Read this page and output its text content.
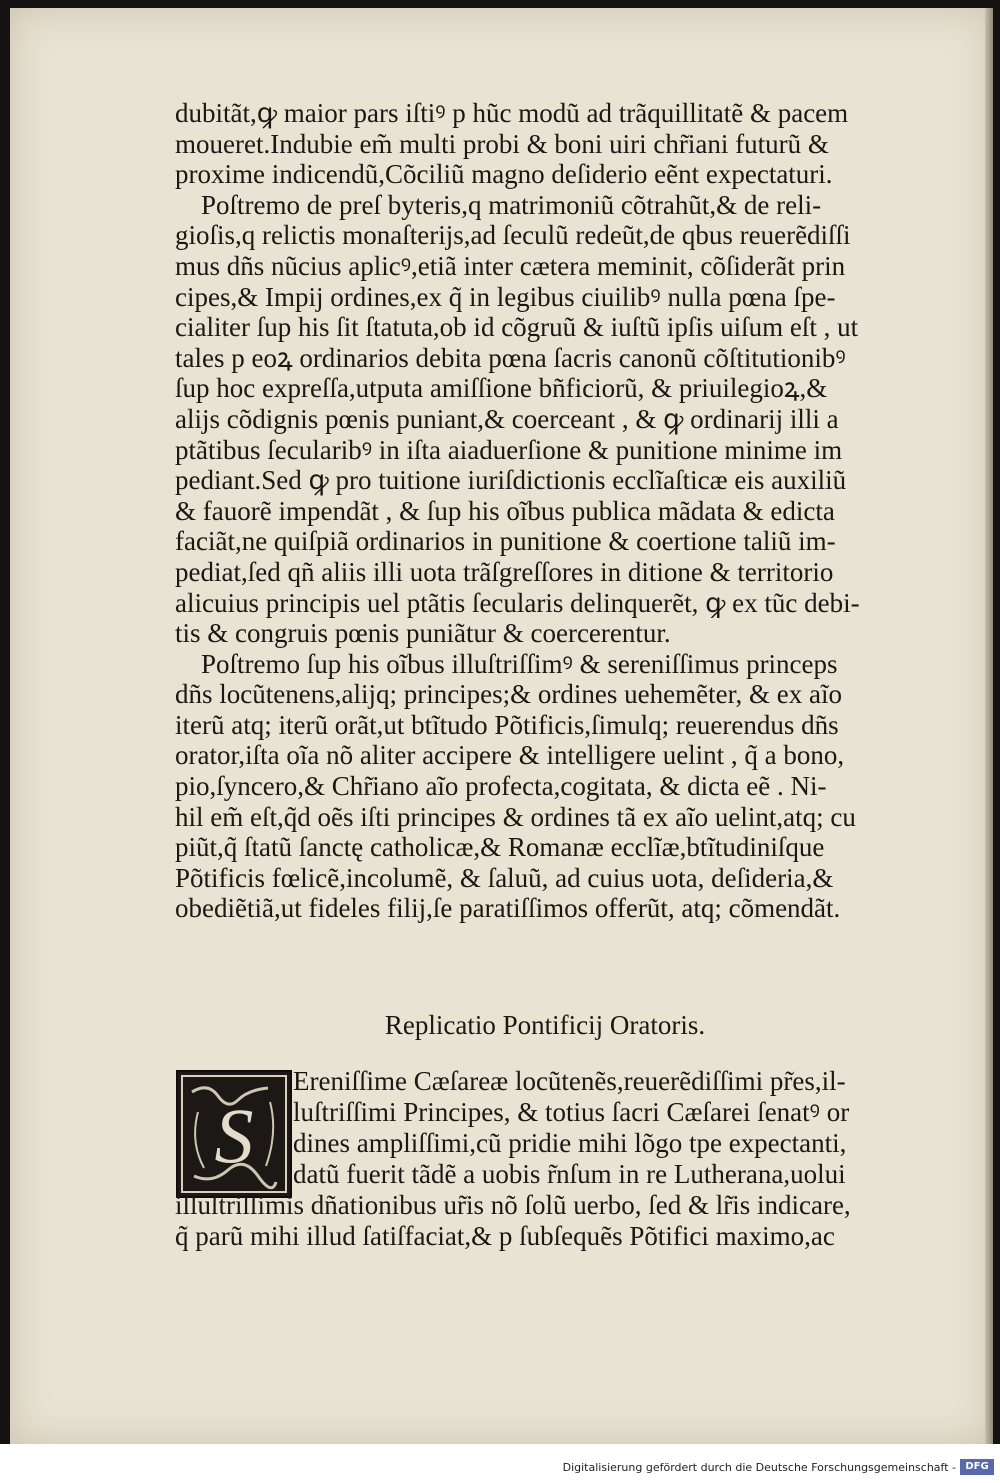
dubitãt,ꝙ maior pars iſtiꝰ p hũc modũ ad trãquillitatẽ & pacem
moueret.Indubie em̃ multi probi & boni uiri chr̃iani futurũ &
proxime indicendũ,Cõciliũ magno deſiderio eẽnt expectaturi.
Poſtremo de preſ byteris,q matrimoniũ cõtrahũt,& de reli-
gioſis,q relictis monaſterijs,ad ſeculũ redeũt,de qbus reuerẽdiſſi
mus dñs nũcius aplicꝰ,etiã inter cætera meminit, cõſiderãt prin
cipes,& Impij ordines,ex q̃ in legibus ciuilibꝰ nulla pœna ſpe-
cialiter ſup his ſit ſtatuta,ob id cõgruũ & iuſtũ ipſis uiſum eſt , ut
tales p eoꝝ ordinarios debita pœna ſacris canonũ cõſtitutionibꝰ
ſup hoc expreſſa,utputa amiſſione bñficiorũ, & priuilegioꝝ,&
alijs cõdignis pœnis puniant,& coerceant , & ꝙ ordinarij illi a
ptãtibus ſecularibꝰ in iſta aiaduerſione & punitione minime im
pediant.Sed ꝙ pro tuitione iuriſdictionis ecclĩaſticæ eis auxiliũ
& fauorẽ impendãt , & ſup his oĩbus publica mãdata & edicta
faciãt,ne quiſpiã ordinarios in punitione & coertione taliũ im-
pediat,ſed qñ aliis illi uota trãſgreſſores in ditione & territorio
alicuius principis uel ptãtis ſecularis delinquerẽt, ꝙ ex tũc debi-
tis & congruis pœnis puniãtur & coercerentur.
Poſtremo ſup his oĩbus illuſtriſſimꝰ & sereniſſimus princeps
dñs locũtenens,alijq; principes;& ordines uehemẽter, & ex aĩo
iterũ atq; iterũ orãt,ut btĩtudo Põtificis,ſimulq; reuerendus dñs
orator,iſta oĩa nõ aliter accipere & intelligere uelint , q̃ a bono,
pio,ſyncero,& Chr̃iano aĩo profecta,cogitata, & dicta eẽ . Ni-
hil em̃ eſt,q̃d oẽs iſti principes & ordines tã ex aĩo uelint,atq; cu
piũt,q̃ ſtatũ ſanctę catholicæ,& Romanæ ecclĩæ,btĩtudiniſque
Põtificis fœlicẽ,incolumẽ, & ſaluũ, ad cuius uota, deſideria,&
obediẽtiã,ut fideles filij,ſe paratiſſimos offerũt, atq; cõmendãt.
Replicatio Pontificij Oratoris.
S
Ereniſſime Cæſareæ locũtenẽs,reuerẽdiſſimi pr̃es,il-
luſtriſſimi Principes, & totius ſacri Cæſarei ſenatꝰ or
dines ampliſſimi,cũ pridie mihi lõgo tpe expectanti,
datũ fuerit tãdẽ a uobis r̃nſum in re Lutherana,uolui
illuſtriſſimis dñationibus ur̃is nõ ſolũ uerbo, ſed & lr̃is indicare,
q̃ parũ mihi illud ſatiſfaciat,& p ſubſequẽs Põtifici maximo,ac
Digitalisierung gefördert durch die Deutsche Forschungsgemeinschaft - DFG
